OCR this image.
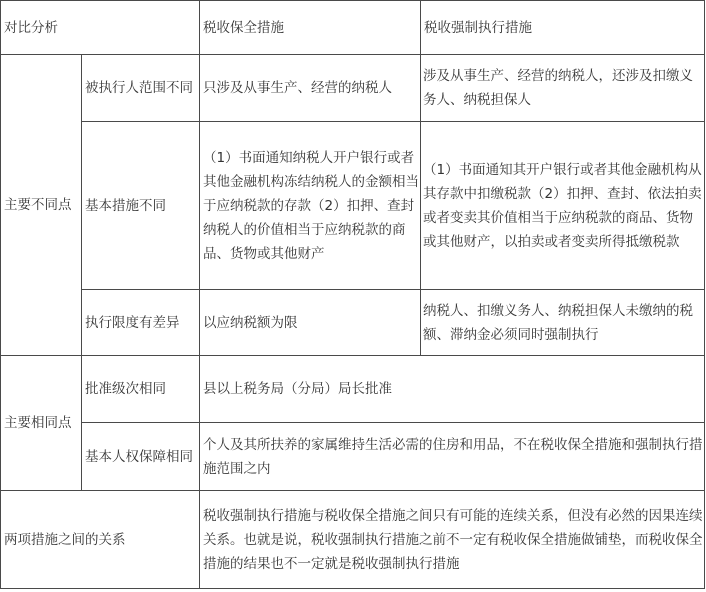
对比分析		税收保全措施	税收强制执行措施
主要不同点	被执行人范围不同	只涉及从事生产、经营的纳税人	涉及从事生产、经营的纳税人，还涉及扣缴义务人、纳税担保人
	基本措施不同	（1）书面通知纳税人开户银行或者其他金融机构冻结纳税人的金额相当于应纳税款的存款（2）扣押、查封纳税人的价值相当于应纳税款的商品、货物或其他财产	（1）书面通知其开户银行或者其他金融机构从其存款中扣缴税款（2）扣押、查封、依法拍卖或者变卖其价值相当于应纳税款的商品、货物或其他财产，以拍卖或者变卖所得抵缴税款
	执行限度有差异	以应纳税额为限	纳税人、扣缴义务人、纳税担保人未缴纳的税额、滞纳金必须同时强制执行
主要相同点	批准级次相同	县以上税务局（分局）局长批准	
	基本人权保障相同	个人及其所扶养的家属维持生活必需的住房和用品，不在税收保全措施和强制执行措施范围之内	
两项措施之间的关系		税收强制执行措施与税收保全措施之间只有可能的连续关系，但没有必然的因果连续关系。也就是说，税收强制执行措施之前不一定有税收保全措施做铺垫，而税收保全措施的结果也不一定就是税收强制执行措施	
